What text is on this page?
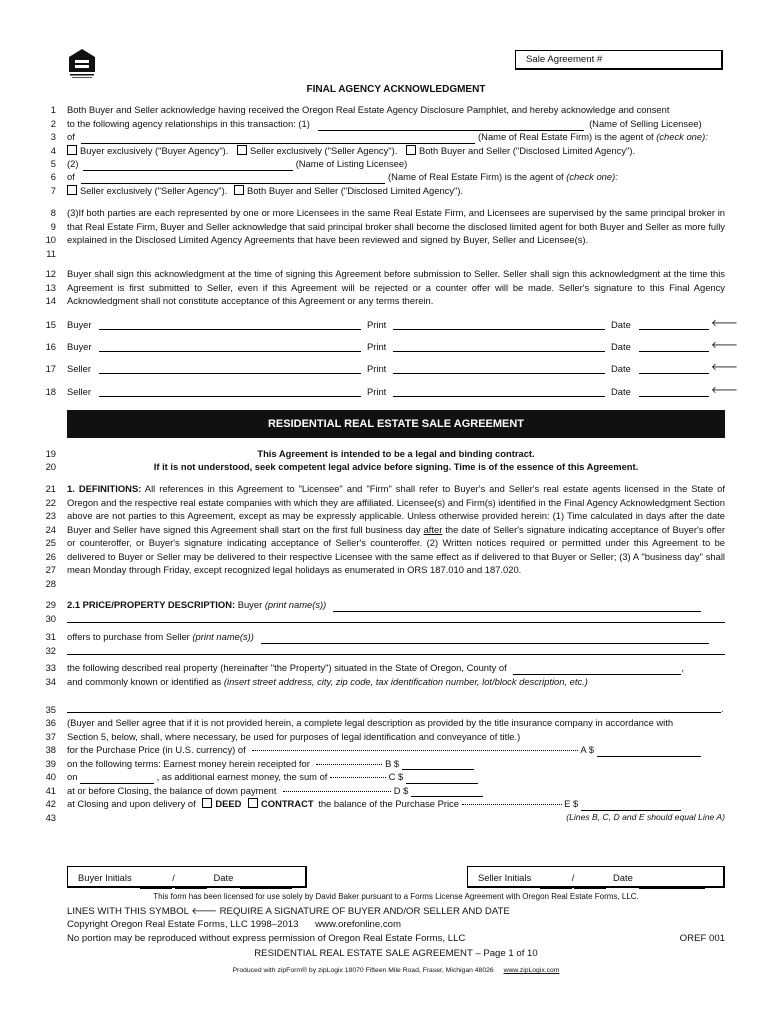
Sale Agreement #
FINAL AGENCY ACKNOWLEDGMENT
1
2
3
4
5
6
7
Both Buyer and Seller acknowledge having received the Oregon Real Estate Agency Disclosure Pamphlet, and hereby acknowledge and consent
to the following agency relationships in this transaction: (1)	(Name of Selling Licensee)
of	(Name of Real Estate Firm) is the agent of (check one):
Buyer exclusively ("Buyer Agency"). Seller exclusively ("Seller Agency"). Both Buyer and Seller ("Disclosed Limited Agency").
(2)	(Name of Listing Licensee)
of	(Name of Real Estate Firm) is the agent of (check one):
Seller exclusively ("Seller Agency"). Both Buyer and Seller ("Disclosed Limited Agency").
8
9
10
11
(3)If both parties are each represented by one or more Licensees in the same Real Estate Firm, and Licensees are supervised by the same principal broker in that Real Estate Firm, Buyer and Seller acknowledge that said principal broker shall become the disclosed limited agent for both Buyer and Seller as more fully explained in the Disclosed Limited Agency Agreements that have been reviewed and signed by Buyer, Seller and Licensee(s).
12
13
14
Buyer shall sign this acknowledgment at the time of signing this Agreement before submission to Seller. Seller shall sign this acknowledgment at the time this Agreement is first submitted to Seller, even if this Agreement will be rejected or a counter offer will be made. Seller's signature to this Final Agency Acknowledgment shall not constitute acceptance of this Agreement or any terms therein.
15
16
17
18
Buyer	Print	Date	🡐
Buyer	Print	Date	🡐
Seller	Print	Date	🡐
Seller	Print	Date	🡐
RESIDENTIAL REAL ESTATE SALE AGREEMENT
19
20
This Agreement is intended to be a legal and binding contract.
If it is not understood, seek competent legal advice before signing. Time is of the essence of this Agreement.
21
22
23
24
25
26
27
28
1. DEFINITIONS: All references in this Agreement to "Licensee" and "Firm" shall refer to Buyer's and Seller's real estate agents licensed in the State of Oregon and the respective real estate companies with which they are affiliated. Licensee(s) and Firm(s) identified in the Final Agency Acknowledgment Section above are not parties to this Agreement, except as may be expressly applicable. Unless otherwise provided herein: (1) Time calculated in days after the date Buyer and Seller have signed this Agreement shall start on the first full business day after the date of Seller's signature indicating acceptance of Buyer's offer or counteroffer, or Buyer's signature indicating acceptance of Seller's counteroffer. (2) Written notices required or permitted under this Agreement to be delivered to Buyer or Seller may be delivered to their respective Licensee with the same effect as if delivered to that Buyer or Seller; (3) A "business day" shall mean Monday through Friday, except recognized legal holidays as enumerated in ORS 187.010 and 187.020.
29
30
2.1 PRICE/PROPERTY DESCRIPTION: Buyer (print name(s))
31
32
offers to purchase from Seller (print name(s))
33
34
the following described real property (hereinafter "the Property") situated in the State of Oregon, County of	,
and commonly known or identified as (insert street address, city, zip code, tax identification number, lot/block description, etc.)
35	.
36
37
38
39
40
41
42
43
(Buyer and Seller agree that if it is not provided herein, a complete legal description as provided by the title insurance company in accordance with
Section 5, below, shall, where necessary, be used for purposes of legal identification and conveyance of title.)
for the Purchase Price (in U.S. currency) of	A $
on the following terms: Earnest money herein receipted for	B $
on	, as additional earnest money, the sum of	C $
at or before Closing, the balance of down payment	D $
at Closing and upon delivery of DEED CONTRACT the balance of the Purchase Price	E $
(Lines B, C, D and E should equal Line A)
Buyer Initials	/	Date	Seller Initials	/	Date
This form has been licensed for use solely by David Baker pursuant to a Forms License Agreement with Oregon Real Estate Forms, LLC.
LINES WITH THIS SYMBOL 🡐 REQUIRE A SIGNATURE OF BUYER AND/OR SELLER AND DATE
Copyright Oregon Real Estate Forms, LLC 1998–2013 www.orefonline.com
No portion may be reproduced without express permission of Oregon Real Estate Forms, LLC	OREF 001
RESIDENTIAL REAL ESTATE SALE AGREEMENT – Page 1 of 10
Produced with zipForm® by zipLogix 18070 Fifteen Mile Road, Fraser, Michigan 48026 www.zipLogix.com
